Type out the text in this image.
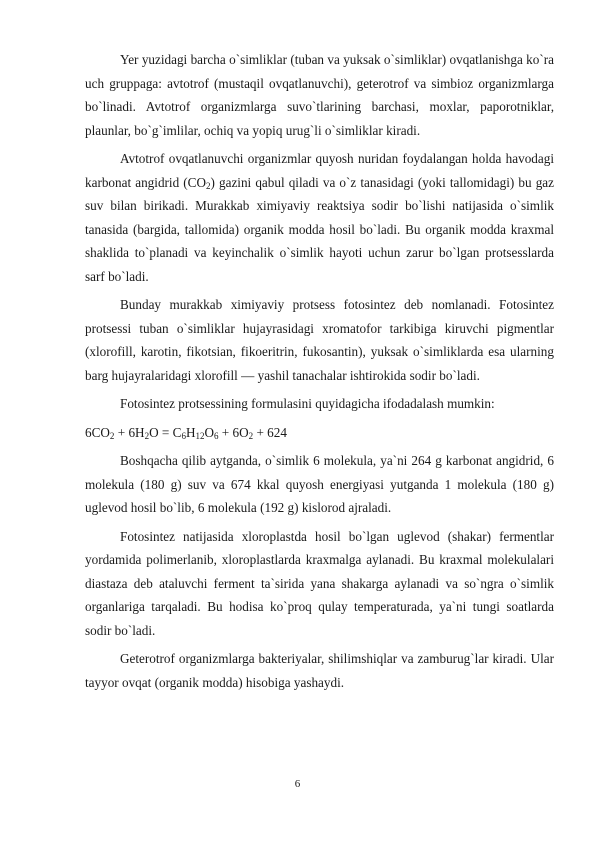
Yer yuzidagi barcha o`simliklar (tuban va yuksak o`simliklar) ovqatlanishga ko`ra uch gruppaga: avtotrof (mustaqil ovqatlanuvchi), geterotrof va simbioz organizmlarga bo`linadi. Avtotrof organizmlarga suvo`tlarining barchasi, moxlar, paporotniklar, plaunlar, bo`g`imlilar, ochiq va yopiq urug`li o`simliklar kiradi.

Avtotrof ovqatlanuvchi organizmlar quyosh nuridan foydalangan holda havodagi karbonat angidrid $(CO_2)$ gazini qabul qiladi va o`z tanasidagi (yoki tallomidagi) bu gaz suv bilan birikadi. Murakkab ximiyaviy reaktsiya sodir bo`lishi natijasida o`simlik tanasida (bargida, tallomida) organik modda hosil bo`ladi. Bu organik modda kraxmal shaklida to`planadi va keyinchalik o`simlik hayoti uchun zarur bo`lgan protsesslarda sarf bo`ladi.

Bunday murakkab ximiyaviy protsess fotosintez deb nomlanadi. Fotosintez protsessi tuban o`simliklar hujayrasidagi xromatofor tarkibiga kiruvchi pigmentlar (xlorofill, karotin, fikotsian, fikoeritrin, fukosantin), yuksak o`simliklarda esa ularning barg hujayralaridagi xlorofill — yashil tanachalar ishtirokida sodir bo`ladi.

Fotosintez protsessining formulasini quyidagicha ifodadalash mumkin:

$6CO_2 + 6H_2O = C_6H_{12}O_6 + 6O_2 + 624$

Boshqacha qilib aytganda, o`simlik 6 molekula, ya`ni 264 g karbonat angidrid, 6 molekula (180 g) suv va 674 kkal quyosh energiyasi yutganda 1 molekula (180 g) uglevod hosil bo`lib, 6 molekula (192 g) kislorod ajraladi.

Fotosintez natijasida xloroplastda hosil bo`lgan uglevod (shakar) fermentlar yordamida polimerlanib, xloroplastlarda kraxmalga aylanadi. Bu kraxmal molekulalari diastaza deb ataluvchi ferment ta`sirida yana shakarga aylanadi va so`ngra o`simlik organlariga tarqaladi. Bu hodisa ko`proq qulay temperaturada, ya`ni tungi soatlarda sodir bo`ladi.

Geterotrof organizmlarga bakteriyalar, shilimshiqlar va zamburug`lar kiradi. Ular tayyor ovqat (organik modda) hisobiga yashaydi.

6
